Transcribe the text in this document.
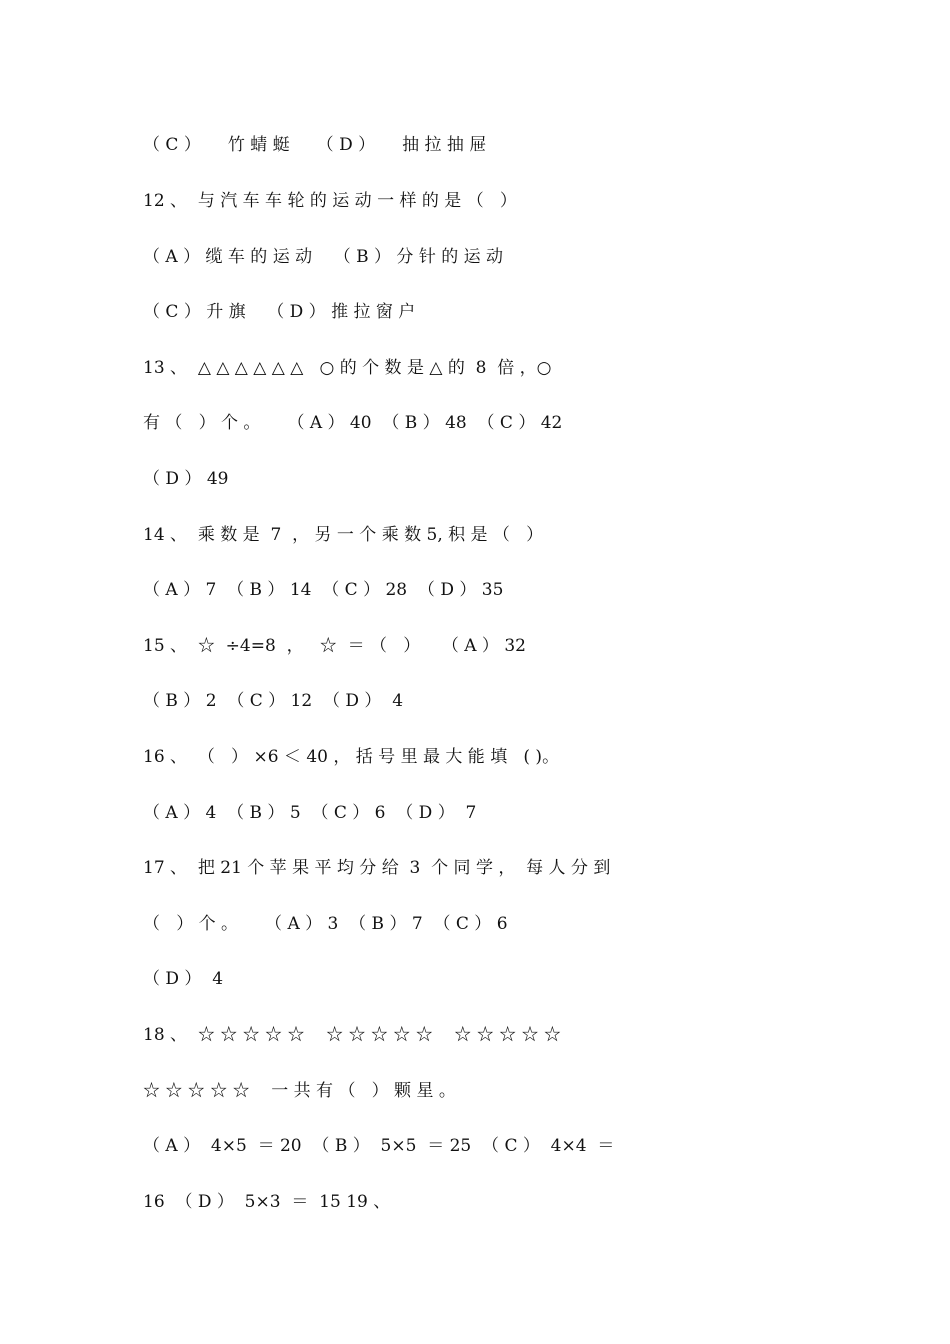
（ C ）     竹 蜻 蜓     （ D ）     抽 拉 抽 屉
12 、  与 汽 车 车 轮 的 运 动 一 样 的 是 （   ）
（ A ） 缆 车 的 运 动    （ B ） 分 针 的 运 动
（ C ） 升 旗    （ D ） 推 拉 窗 户
13 、  △ △ △ △ △ △   ○ 的 个 数 是 △ 的  8  倍 ，○
有 （   ） 个 。     （ A ） 40  （ B ） 48  （ C ） 42
（ D ） 49
14 、  乘 数 是  7  ， 另 一 个 乘 数 5, 积 是 （   ）
（ A ） 7  （ B ） 14  （ C ） 28  （ D ） 35
15 、  ☆  ÷4=8  ，   ☆  ＝ （   ）    （ A ） 32
（ B ） 2  （ C ） 12  （ D ）  4
16 、  （   ） ×6 ＜ 40 ， 括 号 里 最 大 能 填   ( )。
（ A ） 4  （ B ） 5  （ C ） 6  （ D ）  7
17 、  把 21 个 苹 果 平 均 分 给  3  个 同 学 ，  每 人 分 到
（   ） 个 。     （ A ） 3  （ B ） 7  （ C ） 6
（ D ）  4
18 、  ☆ ☆ ☆ ☆ ☆    ☆ ☆ ☆ ☆ ☆    ☆ ☆ ☆ ☆ ☆
☆ ☆ ☆ ☆ ☆    一 共 有 （   ） 颗 星 。
（ A ）  4×5  ＝ 20  （ B ）  5×5  ＝ 25  （ C ）  4×4  ＝
16  （ D ）  5×3  ＝  15 19 、
